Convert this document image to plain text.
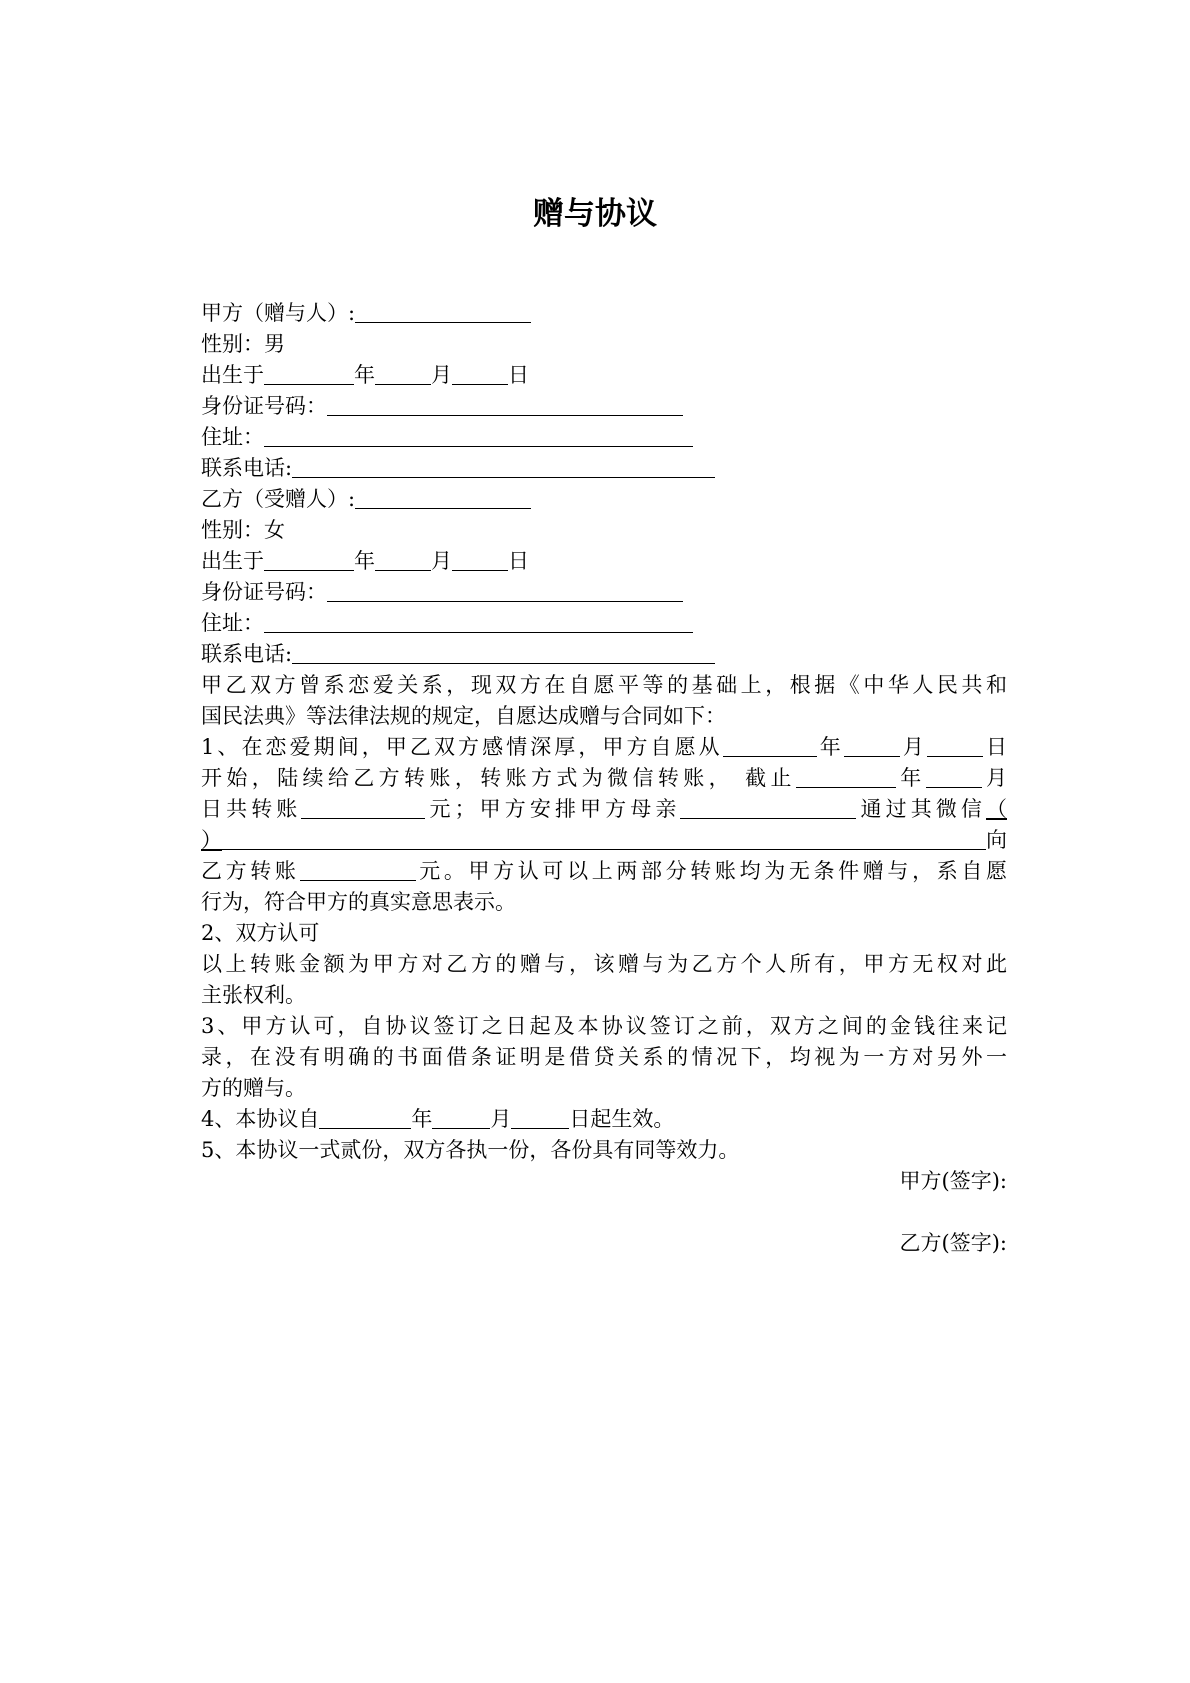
赠与协议
甲方（赠与人）:
性别：男
出生于	年	月	日
身份证号码：
住址：
联系电话:
乙方（受赠人）:
性别：女
出生于	年	月	日
身份证号码：
住址：
联系电话:
甲乙双方曾系恋爱关系，现双方在自愿平等的基础上，根据《中华人民共和
国民法典》等法律法规的规定，自愿达成赠与合同如下：
1、在恋爱期间，甲乙双方感情深厚，甲方自愿从	年	月	日
开始，陆续给乙方转账，转账方式为微信转账， 截止	年	月
日共转账	元；甲方安排甲方母亲	通过其微信（
）	向
乙方转账	元。甲方认可以上两部分转账均为无条件赠与，系自愿
行为，符合甲方的真实意思表示。
2、双方认可
以上转账金额为甲方对乙方的赠与，该赠与为乙方个人所有，甲方无权对此
主张权利。
3、甲方认可，自协议签订之日起及本协议签订之前，双方之间的金钱往来记
录，在没有明确的书面借条证明是借贷关系的情况下，均视为一方对另外一
方的赠与。
4、本协议自	年	月	日起生效。
5、本协议一式贰份，双方各执一份，各份具有同等效力。
甲方(签字):
乙方(签字):
